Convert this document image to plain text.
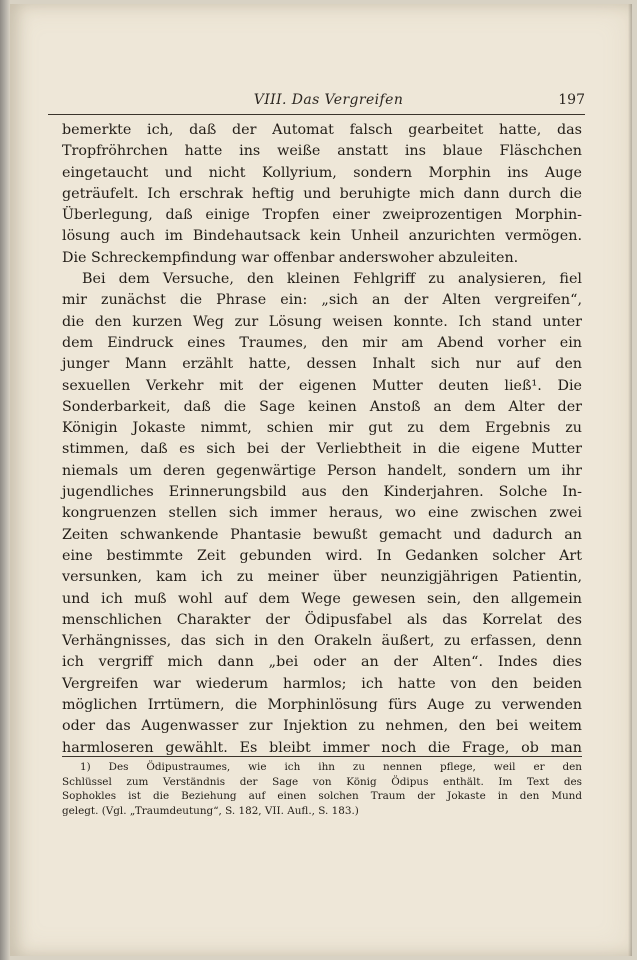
VIII. Das Vergreifen	197
bemerkte ich, daß der Automat falsch gearbeitet hatte, das
Tropfröhrchen hatte ins weiße anstatt ins blaue Fläschchen
eingetaucht und nicht Kollyrium, sondern Morphin ins Auge
geträufelt. Ich erschrak heftig und beruhigte mich dann durch die
Überlegung, daß einige Tropfen einer zweiprozentigen Morphin-
lösung auch im Bindehautsack kein Unheil anzurichten vermögen.
Die Schreckempfindung war offenbar anderswoher abzuleiten.
Bei dem Versuche, den kleinen Fehlgriff zu analysieren, fiel
mir zunächst die Phrase ein: „sich an der Alten vergreifen“,
die den kurzen Weg zur Lösung weisen konnte. Ich stand unter
dem Eindruck eines Traumes, den mir am Abend vorher ein
junger Mann erzählt hatte, dessen Inhalt sich nur auf den
sexuellen Verkehr mit der eigenen Mutter deuten ließ¹. Die
Sonderbarkeit, daß die Sage keinen Anstoß an dem Alter der
Königin Jokaste nimmt, schien mir gut zu dem Ergebnis zu
stimmen, daß es sich bei der Verliebtheit in die eigene Mutter
niemals um deren gegenwärtige Person handelt, sondern um ihr
jugendliches Erinnerungsbild aus den Kinderjahren. Solche In-
kongruenzen stellen sich immer heraus, wo eine zwischen zwei
Zeiten schwankende Phantasie bewußt gemacht und dadurch an
eine bestimmte Zeit gebunden wird. In Gedanken solcher Art
versunken, kam ich zu meiner über neunzigjährigen Patientin,
und ich muß wohl auf dem Wege gewesen sein, den allgemein
menschlichen Charakter der Ödipusfabel als das Korrelat des
Verhängnisses, das sich in den Orakeln äußert, zu erfassen, denn
ich vergriff mich dann „bei oder an der Alten“. Indes dies
Vergreifen war wiederum harmlos; ich hatte von den beiden
möglichen Irrtümern, die Morphinlösung fürs Auge zu verwenden
oder das Augenwasser zur Injektion zu nehmen, den bei weitem
harmloseren gewählt. Es bleibt immer noch die Frage, ob man
1) Des Ödipustraumes, wie ich ihn zu nennen pflege, weil er den
Schlüssel zum Verständnis der Sage von König Ödipus enthält. Im Text des
Sophokles ist die Beziehung auf einen solchen Traum der Jokaste in den Mund
gelegt. (Vgl. „Traumdeutung“, S. 182, VII. Aufl., S. 183.)
